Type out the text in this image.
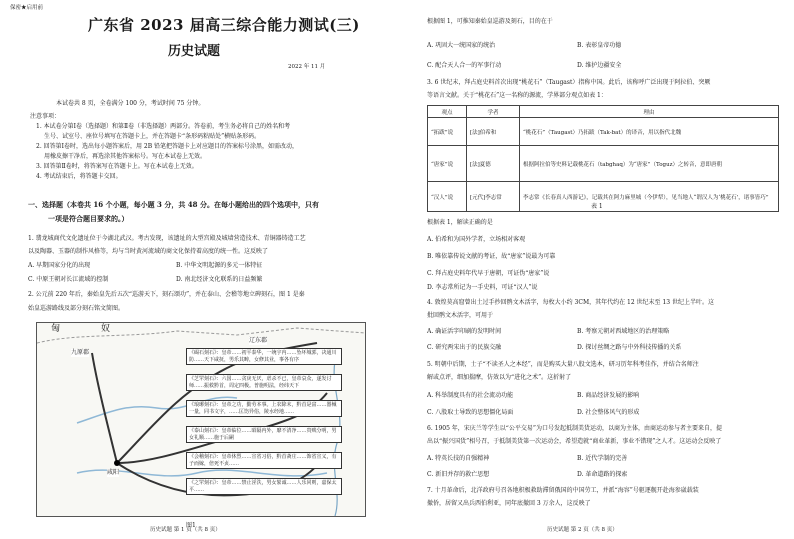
保密★启用前
广东省 2023 届高三综合能力测试(三)
历史试题
2022 年 11 月
本试卷共 8 页，全卷满分 100 分，考试时间 75 分钟。
注意事项：
1. 本试卷分第Ⅰ卷（选择题）和第Ⅱ卷（非选择题）两部分。答卷前，考生务必将自己的姓名和考
生号、试室号、座位号填写在答题卡上，并在答题卡“条形码粘贴处”横贴条形码。
2. 回答第Ⅰ卷时，选出每小题答案后，用 2B 铅笔把答题卡上对应题目的答案标号涂黑，如需改动，
用橡皮擦干净后，再选涂其他答案标号。写在本试卷上无效。
3. 回答第Ⅱ卷时，将答案写在答题卡上。写在本试卷上无效。
4. 考试结束后，将答题卡交回。
一、选择题（本卷共 16 个小题，每小题 3 分，共 48 分。在每小题给出的四个选项中，只有
一项是符合题目要求的。）
1. 翡龙城商代文化遗址位于今湖北武汉。考古发现，该遗址的大型宫殿及城墙营造技术、青铜器铸造工艺
以及陶器、玉器的制作风格等，均与当时黄河流域的商文化保持着高度的统一性。这反映了
A. 早期国家分化的出现	B. 中华文明起源的多元一体特征
C. 中原王朝对长江流域的控制	D. 南北经济文化联系的日益频繁
2. 公元前 220 年后，秦始皇先后五次“巡游天下，刻石颂功”，并在泰山、会稽等地立碑刻石，图 1 是秦
始皇巡游路线及部分刻石铭文简图。
匈	奴
九原郡
辽东郡
咸阳
《碣石刻石》：皇帝……初平泰华，一统宇内……坠坏城郭，决通川防……天下咸抚，男乐其畴，女修其业，事各有序
《芝罘刻石》：六国……贪戾无厌，虐杀不已，皇帝哀众，遂发讨师……振救黔首，周定四极。普施明法，经纬天下
《琅琊刻石》：皇帝之功，勤劳本事。上农除末，黔首是富……器械一量，同书文字，……匡饬异俗，陵水经地……
《泰山刻石》：皇帝临位……昭隔内外，靡不清净……贵贱分明，男女礼顺……施于后嗣
《会稽刻石》：皇帝休烈……宣省习俗，黔首斋庄……饰省宣义，有子而嫁，倍死不贞……
《之罘刻石》：皇帝……禁止淫泆，男女絜诚……人乐同则，嘉保太平……
图1
历史试题 第 1 页（共 8 页）
根据图 1，可推知秦始皇巡游及刻石，目的在于
A. 巩固大一统国家的统治	B. 表彰皇帝功德
C. 配合天人合一的军事行动	D. 维护边疆安全
3. 6 世纪末，拜占庭史料首次出现“桃花石”（Taugast）指称中国。此后，该称呼广泛出现于阿拉伯、突厥
等语言文献。关于“桃花石”这一名称的源流，学界部分观点如表 1：
观点	学者	理由
“拓跋”说	[法]伯希和	“桃花石”（Taugast）乃拓跋（Tak-bat）的译音，用以指代北魏
“唐家”说	[法]夏德	根据阿拉伯等史料记载桃花石（tabghaq）为“唐家”（Toguz）之转音，意即唐朝
“汉人”说	[元代]李志常	李志常《长春真人西游记》，记载其在阿力麻里城（今伊犁），见当地人“谓汉人为‘桃花石’，诸事皆巧”
表 1
根据表 1，解读正确的是
A. 伯希和为国外学者，立场相对客观
B. 唯依靠传说文献的考证，故“唐家”说最为可靠
C. 拜占庭史料年代早于唐朝，可证伪“唐家”说
D. 李志常所记为一手史料，可证“汉人”说
4. 敦煌莫高窟曾出土过手抄回鹘文木活字，每枚大小约 3CM，其年代约在 12 世纪末至 13 世纪上半叶。这
批回鹘文木活字，可用于
A. 确证活字印刷的发明时间	B. 考察元朝对西域地区的治理策略
C. 研究两宋出于的民族交融	D. 探讨丝绸之路与中外科技传播的关系
5. 明朝中后期，士子“不读圣人之本经”，而是购买大量八股文选本，研习历年科考佳作，并结合名师注
解或点评，细加揣摩，仿效以为“进化之术”。这折射了
A. 科举制度具有的社会流动功能	B. 商品经济发展的影响
C. 八股取士导致的思想僵化局面	D. 社会整体风气的形成
6. 1905 年，宋庆兰等学生以“公平交易”为口号发起抵制美货运动，以商为主体，由商运动参与者主要来自，提
出以“振兴国货”相号召，于抵制美货第一次运动会，希望造就“商业革新，事业不错现”之人才。这运动会反映了
A. 特英长技的自强精神	B. 近代学制的完善
C. 新旧并存的救亡思想	D. 革命道路的探索
7. 十月革命后，北洋政府号召各地积极救助滞留俄国的中国劳工，并派“海容”号驱逐舰开赴海参崴载装
撤侨，居留又出兵西伯利亚，同年底撤回 3 万余人，这反映了
历史试题 第 2 页（共 8 页）
